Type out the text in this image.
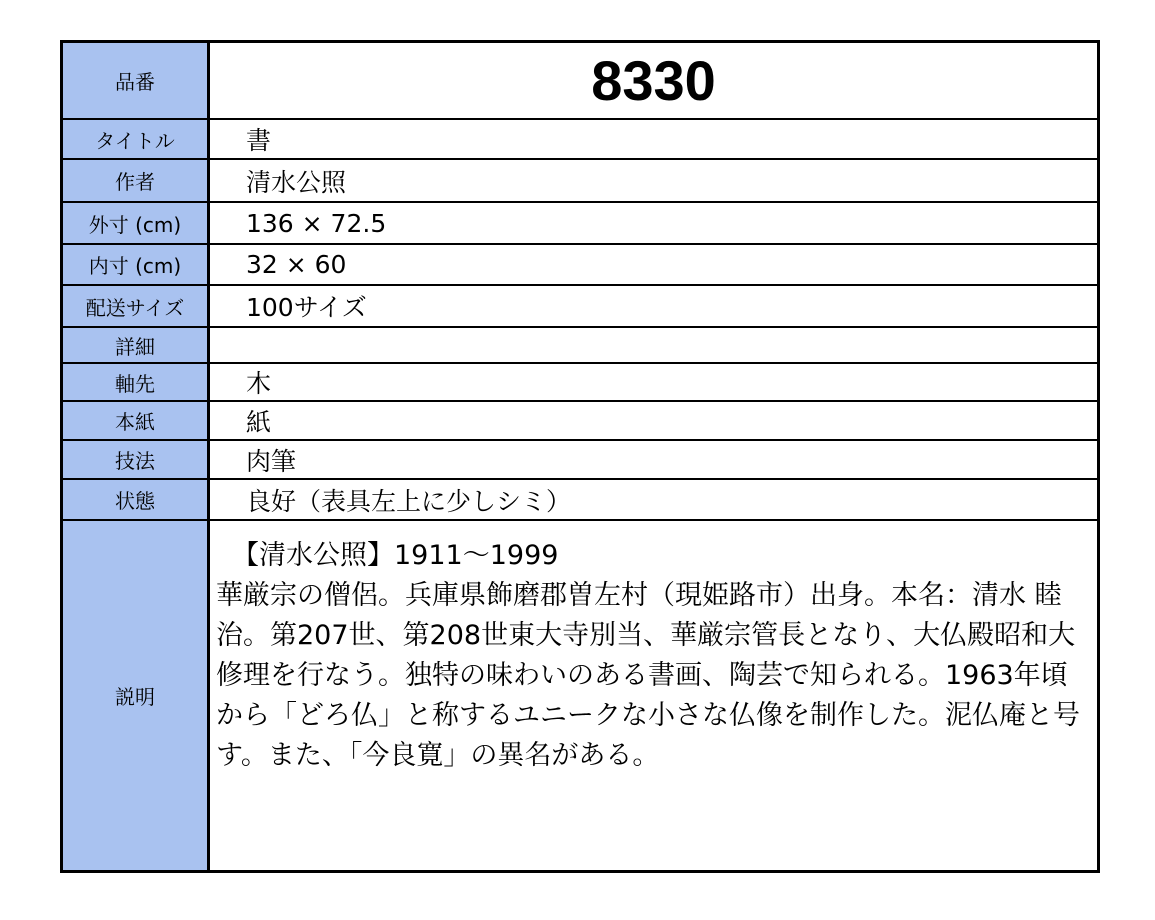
品番	8330
タイトル	書
作者	清水公照
外寸 (cm)	136 × 72.5
内寸 (cm)	32 × 60
配送サイズ	100サイズ
詳細
軸先	木
本紙	紙
技法	肉筆
状態	良好（表具左上に少しシミ）
説明

【清水公照】1911〜1999

華厳宗の僧侶。兵庫県飾磨郡曽左村（現姫路市）出身。本名：清水 睦治。第207世、第208世東大寺別当、華厳宗管長となり、大仏殿昭和大修理を行なう。独特の味わいのある書画、陶芸で知られる。1963年頃から「どろ仏」と称するユニークな小さな仏像を制作した。泥仏庵と号す。また、「今良寛」の異名がある。
